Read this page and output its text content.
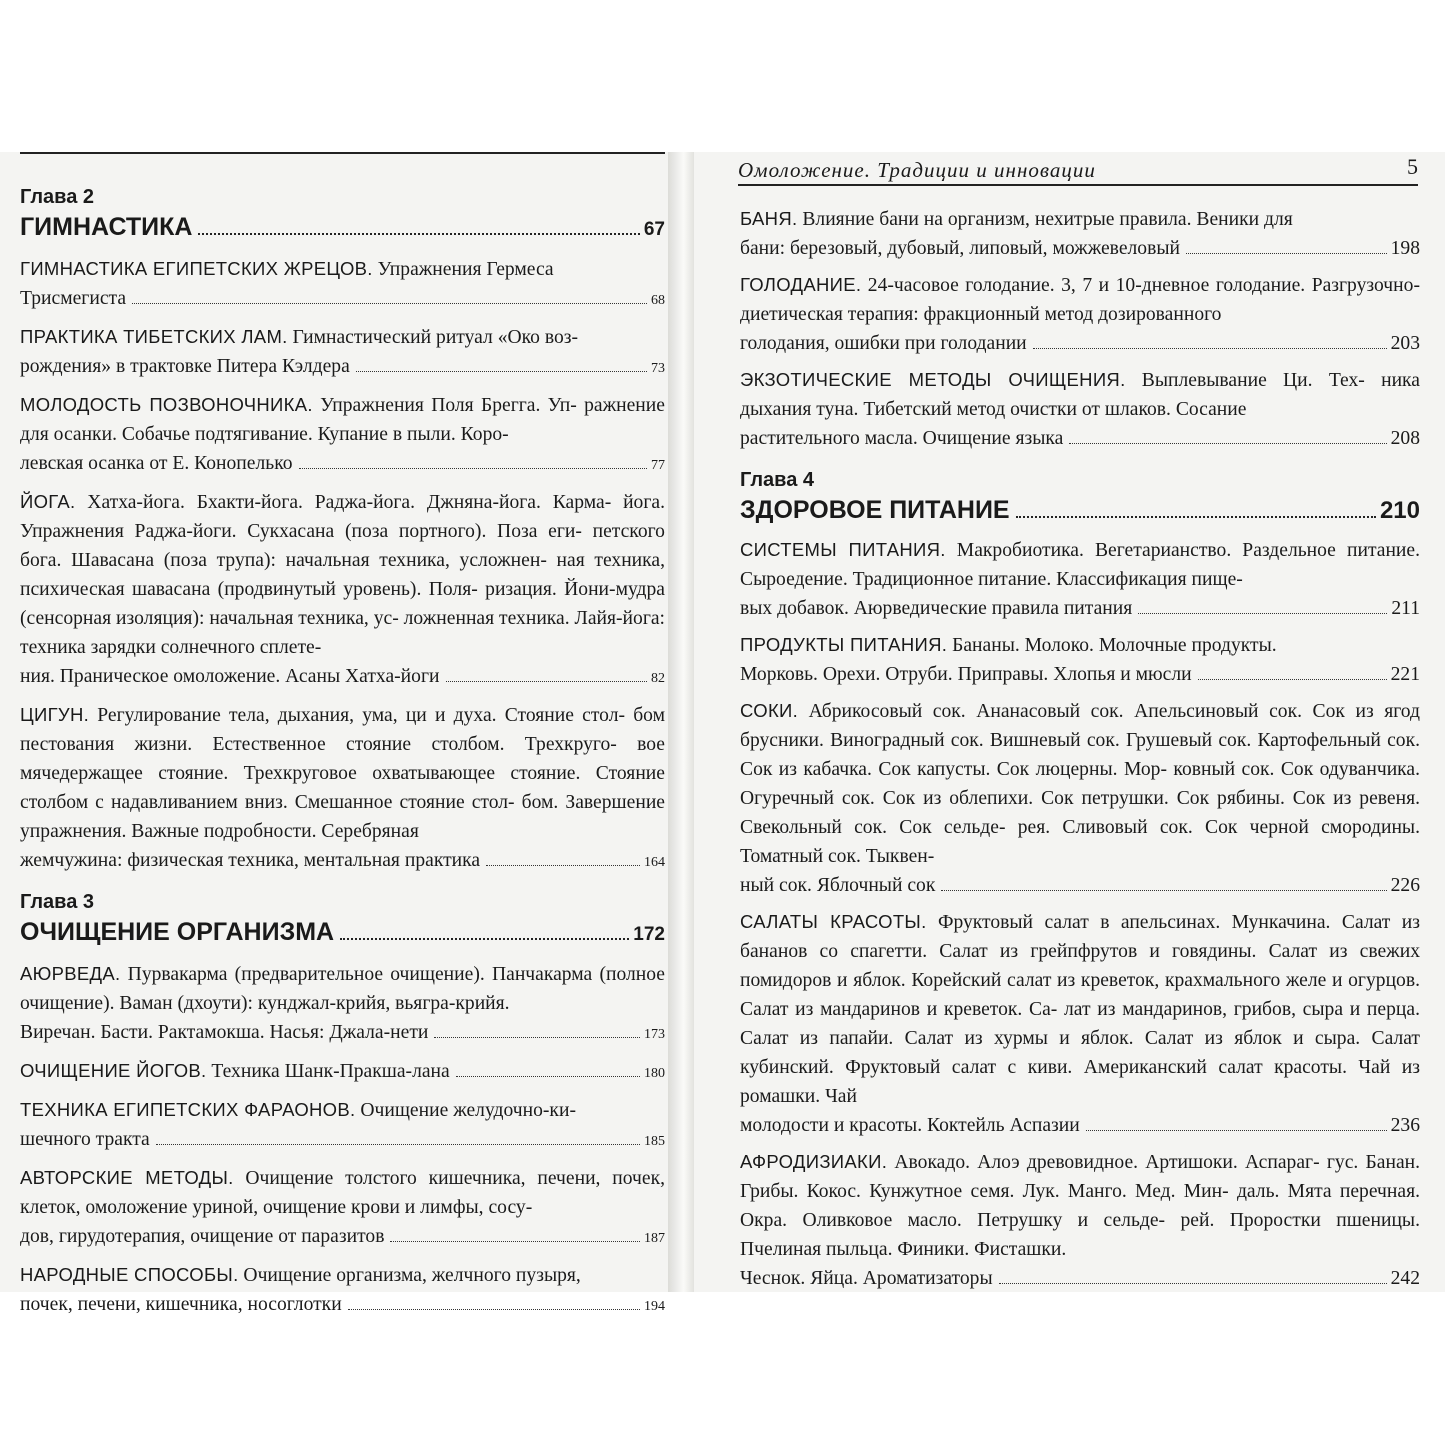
Глава 2
ГИМНАСТИКА	67
ГИМНАСТИКА ЕГИПЕТСКИХ ЖРЕЦОВ. Упражнения Гермеса
Трисмегиста	68
ПРАКТИКА ТИБЕТСКИХ ЛАМ. Гимнастический ритуал «Око воз-
рождения» в трактовке Питера Кэлдера	73
МОЛОДОСТЬ ПОЗВОНОЧНИКА. Упражнения Поля Брегга. Уп- ражнение для осанки. Собачье подтягивание. Купание в пыли. Коро-
левская осанка от Е. Конопелько	77
ЙОГА. Хатха-йога. Бхакти-йога. Раджа-йога. Джняна-йога. Карма- йога. Упражнения Раджа-йоги. Сукхасана (поза портного). Поза еги- петского бога. Шавасана (поза трупа): начальная техника, усложнен- ная техника, психическая шавасана (продвинутый уровень). Поля- ризация. Йони-мудра (сенсорная изоляция): начальная техника, ус- ложненная техника. Лайя-йога: техника зарядки солнечного сплете-
ния. Праническое омоложение. Асаны Хатха-йоги	82
ЦИГУН. Регулирование тела, дыхания, ума, ци и духа. Стояние стол- бом пестования жизни. Естественное стояние столбом. Трехкруго- вое мячедержащее стояние. Трехкруговое охватывающее стояние. Стояние столбом с надавливанием вниз. Смешанное стояние стол- бом. Завершение упражнения. Важные подробности. Серебряная
жемчужина: физическая техника, ментальная практика	164
Глава 3
ОЧИЩЕНИЕ ОРГАНИЗМА	172
АЮРВЕДА. Пурвакарма (предварительное очищение). Панчакарма (полное очищение). Ваман (дхоути): кунджал-крийя, вьягра-крийя.
Виречан. Басти. Рактамокша. Насья: Джала-нети	173
ОЧИЩЕНИЕ ЙОГОВ. Техника Шанк-Пракша-лана	180
ТЕХНИКА ЕГИПЕТСКИХ ФАРАОНОВ. Очищение желудочно-ки-
шечного тракта	185
АВТОРСКИЕ МЕТОДЫ. Очищение толстого кишечника, печени, почек, клеток, омоложение уриной, очищение крови и лимфы, сосу-
дов, гирудотерапия, очищение от паразитов	187
НАРОДНЫЕ СПОСОБЫ. Очищение организма, желчного пузыря,
почек, печени, кишечника, носоглотки	194
Омоложение. Традиции и инновации	5
БАНЯ. Влияние бани на организм, нехитрые правила. Веники для
бани: березовый, дубовый, липовый, можжевеловый	198
ГОЛОДАНИЕ. 24-часовое голодание. 3, 7 и 10-дневное голодание. Разгрузочно-диетическая терапия: фракционный метод дозированного
голодания, ошибки при голодании	203
ЭКЗОТИЧЕСКИЕ МЕТОДЫ ОЧИЩЕНИЯ. Выплевывание Ци. Тех- ника дыхания туна. Тибетский метод очистки от шлаков. Сосание
растительного масла. Очищение языка	208
Глава 4
ЗДОРОВОЕ ПИТАНИЕ	210
СИСТЕМЫ ПИТАНИЯ. Макробиотика. Вегетарианство. Раздельное питание. Сыроедение. Традиционное питание. Классификация пище-
вых добавок. Аюрведические правила питания	211
ПРОДУКТЫ ПИТАНИЯ. Бананы. Молоко. Молочные продукты.
Морковь. Орехи. Отруби. Приправы. Хлопья и мюсли	221
СОКИ. Абрикосовый сок. Ананасовый сок. Апельсиновый сок. Сок из ягод брусники. Виноградный сок. Вишневый сок. Грушевый сок. Картофельный сок. Сок из кабачка. Сок капусты. Сок люцерны. Мор- ковный сок. Сок одуванчика. Огуречный сок. Сок из облепихи. Сок петрушки. Сок рябины. Сок из ревеня. Свекольный сок. Сок сельде- рея. Сливовый сок. Сок черной смородины. Томатный сок. Тыквен-
ный сок. Яблочный сок	226
САЛАТЫ КРАСОТЫ. Фруктовый салат в апельсинах. Мункачина. Салат из бананов со спагетти. Салат из грейпфрутов и говядины. Салат из свежих помидоров и яблок. Корейский салат из креветок, крахмального желе и огурцов. Салат из мандаринов и креветок. Са- лат из мандаринов, грибов, сыра и перца. Салат из папайи. Салат из хурмы и яблок. Салат из яблок и сыра. Салат кубинский. Фруктовый салат с киви. Американский салат красоты. Чай из ромашки. Чай
молодости и красоты. Коктейль Аспазии	236
АФРОДИЗИАКИ. Авокадо. Алоэ древовидное. Артишоки. Аспараг- гус. Банан. Грибы. Кокос. Кунжутное семя. Лук. Манго. Мед. Мин- даль. Мята перечная. Окра. Оливковое масло. Петрушку и сельде- рей. Проростки пшеницы. Пчелиная пыльца. Финики. Фисташки.
Чеснок. Яйца. Ароматизаторы	242
